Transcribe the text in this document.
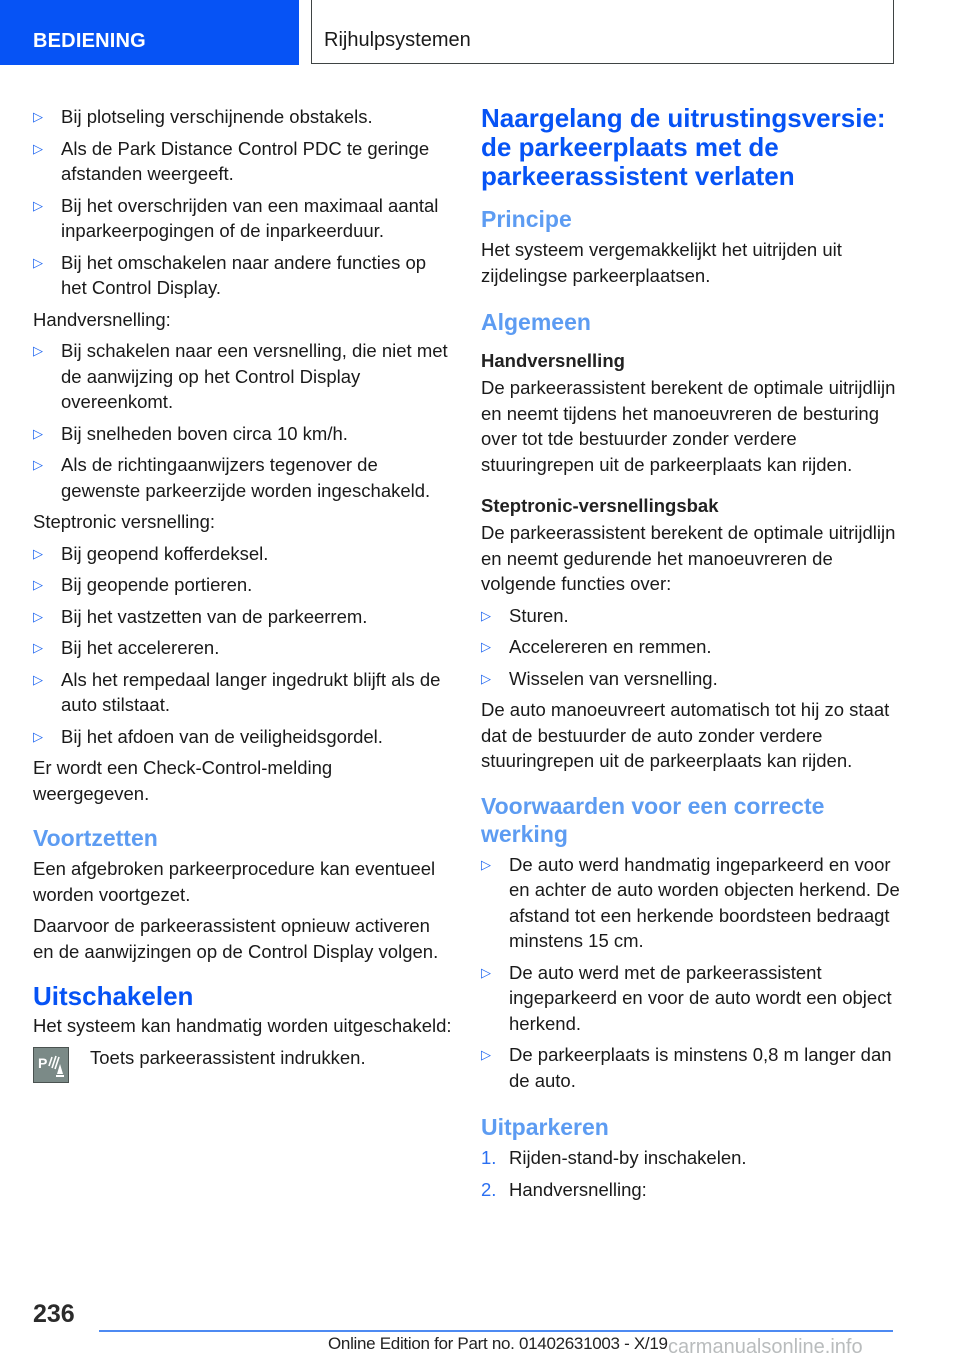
BEDIENING	Rijhulpsystemen
▷ Bij plotseling verschijnende obstakels.
▷ Als de Park Distance Control PDC te geringe afstanden weergeeft.
▷ Bij het overschrijden van een maximaal aantal inparkeerpogingen of de inparkeerduur.
▷ Bij het omschakelen naar andere functies op het Control Display.
Handversnelling:
▷ Bij schakelen naar een versnelling, die niet met de aanwijzing op het Control Display overeenkomt.
▷ Bij snelheden boven circa 10 km/h.
▷ Als de richtingaanwijzers tegenover de gewenste parkeerzijde worden ingeschakeld.
Steptronic versnelling:
▷ Bij geopend kofferdeksel.
▷ Bij geopende portieren.
▷ Bij het vastzetten van de parkeerrem.
▷ Bij het accelereren.
▷ Als het rempedaal langer ingedrukt blijft als de auto stilstaat.
▷ Bij het afdoen van de veiligheidsgordel.
Er wordt een Check-Control-melding weergegeven.
Voortzetten
Een afgebroken parkeerprocedure kan eventueel worden voortgezet.
Daarvoor de parkeerassistent opnieuw activeren en de aanwijzingen op de Control Display volgen.
Uitschakelen
Het systeem kan handmatig worden uitgeschakeld:
P Toets parkeerassistent indrukken.
Naargelang de uitrustingsversie: de parkeerplaats met de parkeerassistent verlaten
Principe
Het systeem vergemakkelijkt het uitrijden uit zijdelingse parkeerplaatsen.
Algemeen
Handversnelling
De parkeerassistent berekent de optimale uitrijdlijn en neemt tijdens het manoeuvreren de besturing over tot tde bestuurder zonder verdere stuuringrepen uit de parkeerplaats kan rijden.
Steptronic-versnellingsbak
De parkeerassistent berekent de optimale uitrijdlijn en neemt gedurende het manoeuvreren de volgende functies over:
▷ Sturen.
▷ Accelereren en remmen.
▷ Wisselen van versnelling.
De auto manoeuvreert automatisch tot hij zo staat dat de bestuurder de auto zonder verdere stuuringrepen uit de parkeerplaats kan rijden.
Voorwaarden voor een correcte werking
▷ De auto werd handmatig ingeparkeerd en voor en achter de auto worden objecten herkend. De afstand tot een herkende boordsteen bedraagt minstens 15 cm.
▷ De auto werd met de parkeerassistent ingeparkeerd en voor de auto wordt een object herkend.
▷ De parkeerplaats is minstens 0,8 m langer dan de auto.
Uitparkeren
1. Rijden-stand-by inschakelen.
2. Handversnelling:
236
Online Edition for Part no. 01402631003 - X/19 carmanualsonline.info
